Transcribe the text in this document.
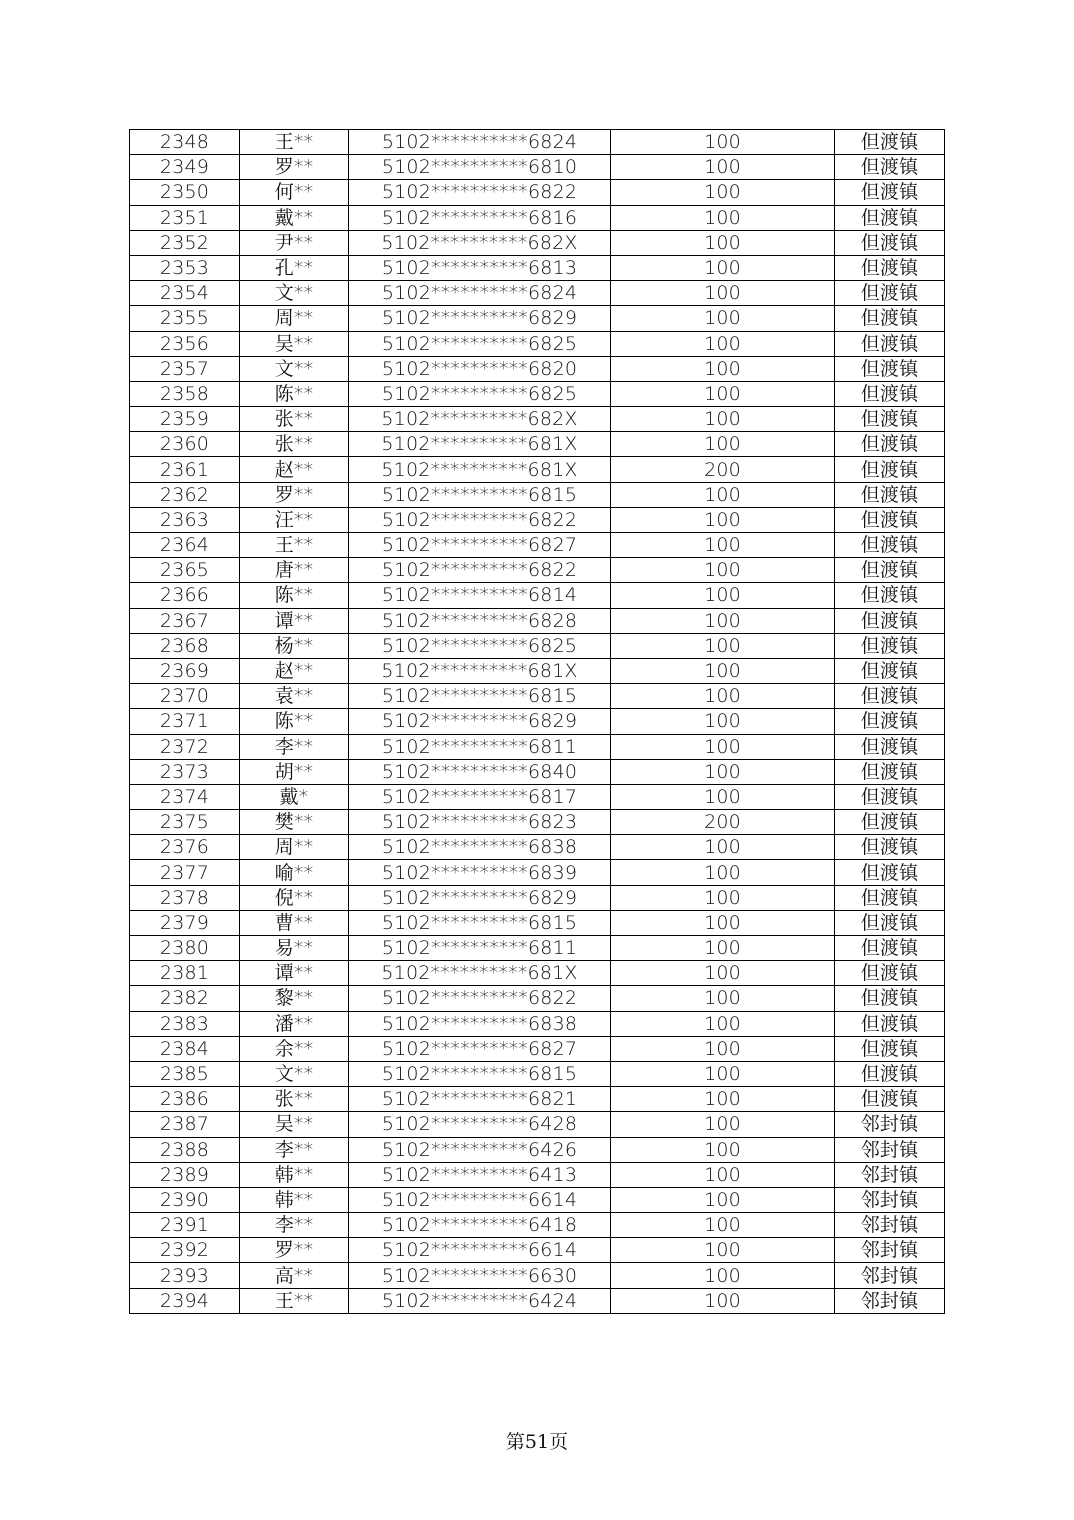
2348	王**	5102**********6824	100	但渡镇
2349	罗**	5102**********6810	100	但渡镇
2350	何**	5102**********6822	100	但渡镇
2351	戴**	5102**********6816	100	但渡镇
2352	尹**	5102**********682X	100	但渡镇
2353	孔**	5102**********6813	100	但渡镇
2354	文**	5102**********6824	100	但渡镇
2355	周**	5102**********6829	100	但渡镇
2356	吴**	5102**********6825	100	但渡镇
2357	文**	5102**********6820	100	但渡镇
2358	陈**	5102**********6825	100	但渡镇
2359	张**	5102**********682X	100	但渡镇
2360	张**	5102**********681X	100	但渡镇
2361	赵**	5102**********681X	200	但渡镇
2362	罗**	5102**********6815	100	但渡镇
2363	汪**	5102**********6822	100	但渡镇
2364	王**	5102**********6827	100	但渡镇
2365	唐**	5102**********6822	100	但渡镇
2366	陈**	5102**********6814	100	但渡镇
2367	谭**	5102**********6828	100	但渡镇
2368	杨**	5102**********6825	100	但渡镇
2369	赵**	5102**********681X	100	但渡镇
2370	袁**	5102**********6815	100	但渡镇
2371	陈**	5102**********6829	100	但渡镇
2372	李**	5102**********6811	100	但渡镇
2373	胡**	5102**********6840	100	但渡镇
2374	戴*	5102**********6817	100	但渡镇
2375	樊**	5102**********6823	200	但渡镇
2376	周**	5102**********6838	100	但渡镇
2377	喻**	5102**********6839	100	但渡镇
2378	倪**	5102**********6829	100	但渡镇
2379	曹**	5102**********6815	100	但渡镇
2380	易**	5102**********6811	100	但渡镇
2381	谭**	5102**********681X	100	但渡镇
2382	黎**	5102**********6822	100	但渡镇
2383	潘**	5102**********6838	100	但渡镇
2384	余**	5102**********6827	100	但渡镇
2385	文**	5102**********6815	100	但渡镇
2386	张**	5102**********6821	100	但渡镇
2387	吴**	5102**********6428	100	邻封镇
2388	李**	5102**********6426	100	邻封镇
2389	韩**	5102**********6413	100	邻封镇
2390	韩**	5102**********6614	100	邻封镇
2391	李**	5102**********6418	100	邻封镇
2392	罗**	5102**********6614	100	邻封镇
2393	高**	5102**********6630	100	邻封镇
2394	王**	5102**********6424	100	邻封镇
第51页
